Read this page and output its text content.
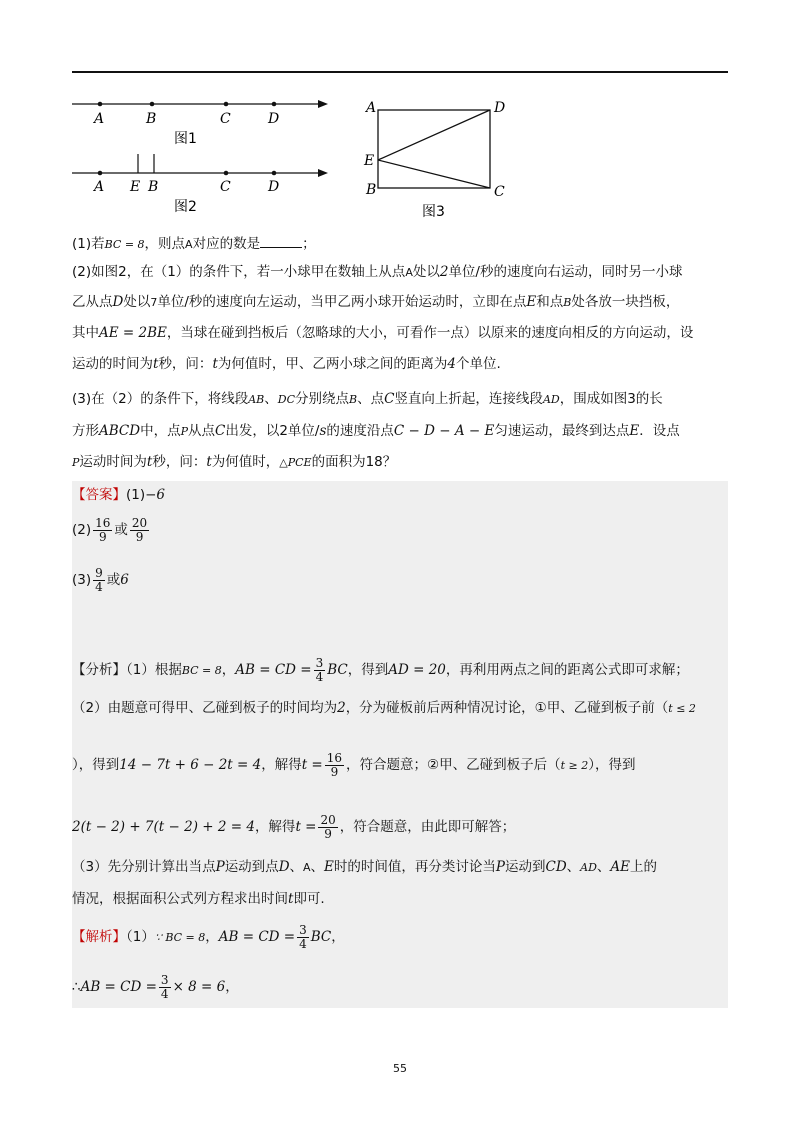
A	B	C	D
图1
A E B	C	D
图2
A	D
E
B	C
图3
(1)若BC = 8，则点A对应的数是	；
(2)如图2，在（1）的条件下，若一小球甲在数轴上从点A处以2单位/秒的速度向右运动，同时另一小球
乙从点D处以7单位/秒的速度向左运动，当甲乙两小球开始运动时，立即在点E和点B处各放一块挡板，
其中AE = 2BE，当球在碰到挡板后（忽略球的大小，可看作一点）以原来的速度向相反的方向运动，设
运动的时间为t秒，问：t为何值时，甲、乙两小球之间的距离为4个单位.
(3)在（2）的条件下，将线段AB、DC分别绕点B、点C竖直向上折起，连接线段AD，围成如图3的长
方形ABCD中，点P从点C出发，以2单位/s的速度沿点C − D − A − E匀速运动，最终到达点E．设点
P运动时间为t秒，问：t为何值时，△PCE的面积为18？
【答案】(1)−6
$(2) \frac{16}{9}$ 或 $\frac{20}{9}$
$(3) \frac{9}{4}$ 或6
【分析】（1）根据BC = 8，AB = CD = $\frac{3}{4}$ BC，得到AD = 20，再利用两点之间的距离公式即可求解；
（2）由题意可得甲、乙碰到板子的时间均为2，分为碰板前后两种情况讨论，①甲、乙碰到板子前（t ≤ 2
），得到14 − 7t + 6 − 2t = 4，解得$t = \frac{16}{9}$ ，符合题意；②甲、乙碰到板子后（t ≥ 2），得到
2(t − 2) + 7(t − 2) + 2 = 4，解得$t = \frac{20}{9}$ ，符合题意，由此即可解答；
（3）先分别计算出当点P运动到点D、A、E时的时间值，再分类讨论当P运动到CD、AD、AE上的
情况，根据面积公式列方程求出时间t即可.
【解析】（1）∵ BC = 8，AB = CD = $\frac{3}{4}$ BC，
∴AB = CD = $\frac{3}{4} \times 8 = 6$，
55
